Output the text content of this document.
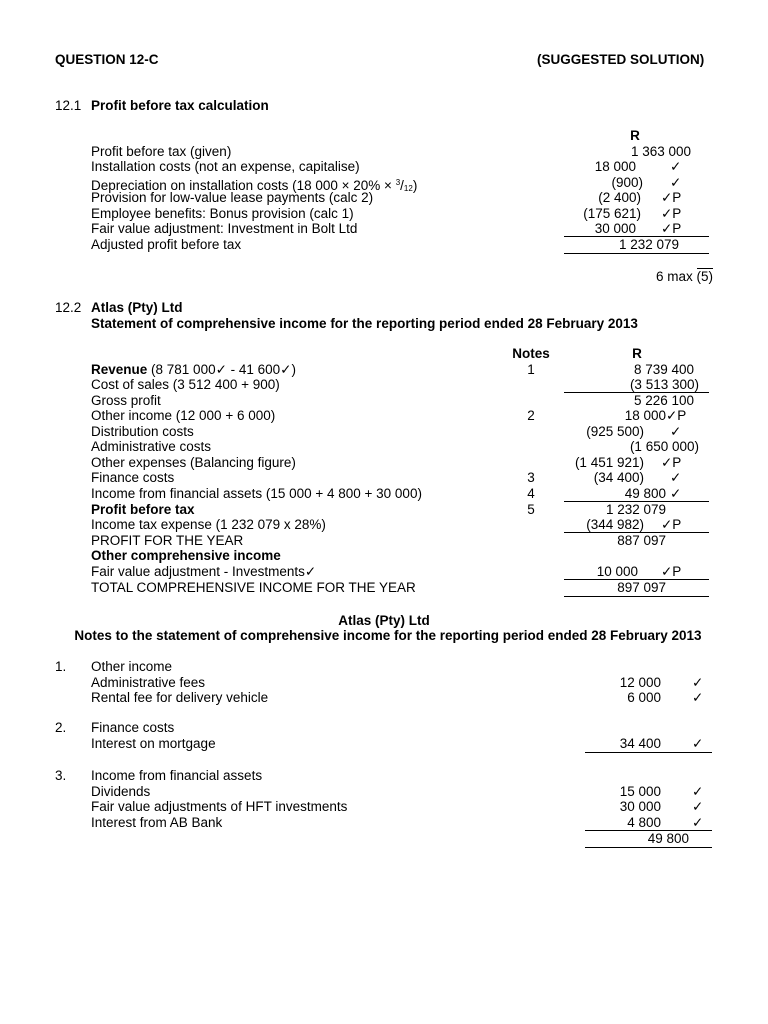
QUESTION 12-C	(SUGGESTED SOLUTION)
12.1 Profit before tax calculation
R
Profit before tax (given)	1 363 000
Installation costs (not an expense, capitalise)	18 000	✓
Depreciation on installation costs (18 $000 \times 20\% \times ^3/_{12}$)	(900) ✓
Provision for low-value lease payments (calc 2)	(2 400) ✓P
Employee benefits: Bonus provision (calc 1)	(175 621) ✓P
Fair value adjustment: Investment in Bolt Ltd	30 000 ✓P
Adjusted profit before tax	1 232 079
6 max (5)
12.2 Atlas (Pty) Ltd
Statement of comprehensive income for the reporting period ended 28 February 2013
Notes	R
Revenue (8 781 000✓ - 41 600✓)	1	8 739 400
Cost of sales (3 512 400 + 900)	(3 513 300)
Gross profit	5 226 100
Other income (12 000 + 6 000)	2	18 000 ✓P
Distribution costs	(925 500) ✓
Administrative costs	(1 650 000)
Other expenses (Balancing figure)	(1 451 921) ✓P
Finance costs	3	(34 400) ✓
Income from financial assets (15 000 + 4 800 + 30 000)	4	49 800 ✓
Profit before tax	5	1 232 079
Income tax expense (1 232 079 x 28%)	(344 982) ✓P
PROFIT FOR THE YEAR	887 097
Other comprehensive income
Fair value adjustment - Investments✓	10 000 ✓P
TOTAL COMPREHENSIVE INCOME FOR THE YEAR	897 097
Atlas (Pty) Ltd
Notes to the statement of comprehensive income for the reporting period ended 28 February 2013
1. Other income
Administrative fees	12 000 ✓
Rental fee for delivery vehicle	6 000 ✓
2. Finance costs
Interest on mortgage	34 400 ✓
3. Income from financial assets
Dividends	15 000 ✓
Fair value adjustments of HFT investments	30 000 ✓
Interest from AB Bank	4 800 ✓
49 800
